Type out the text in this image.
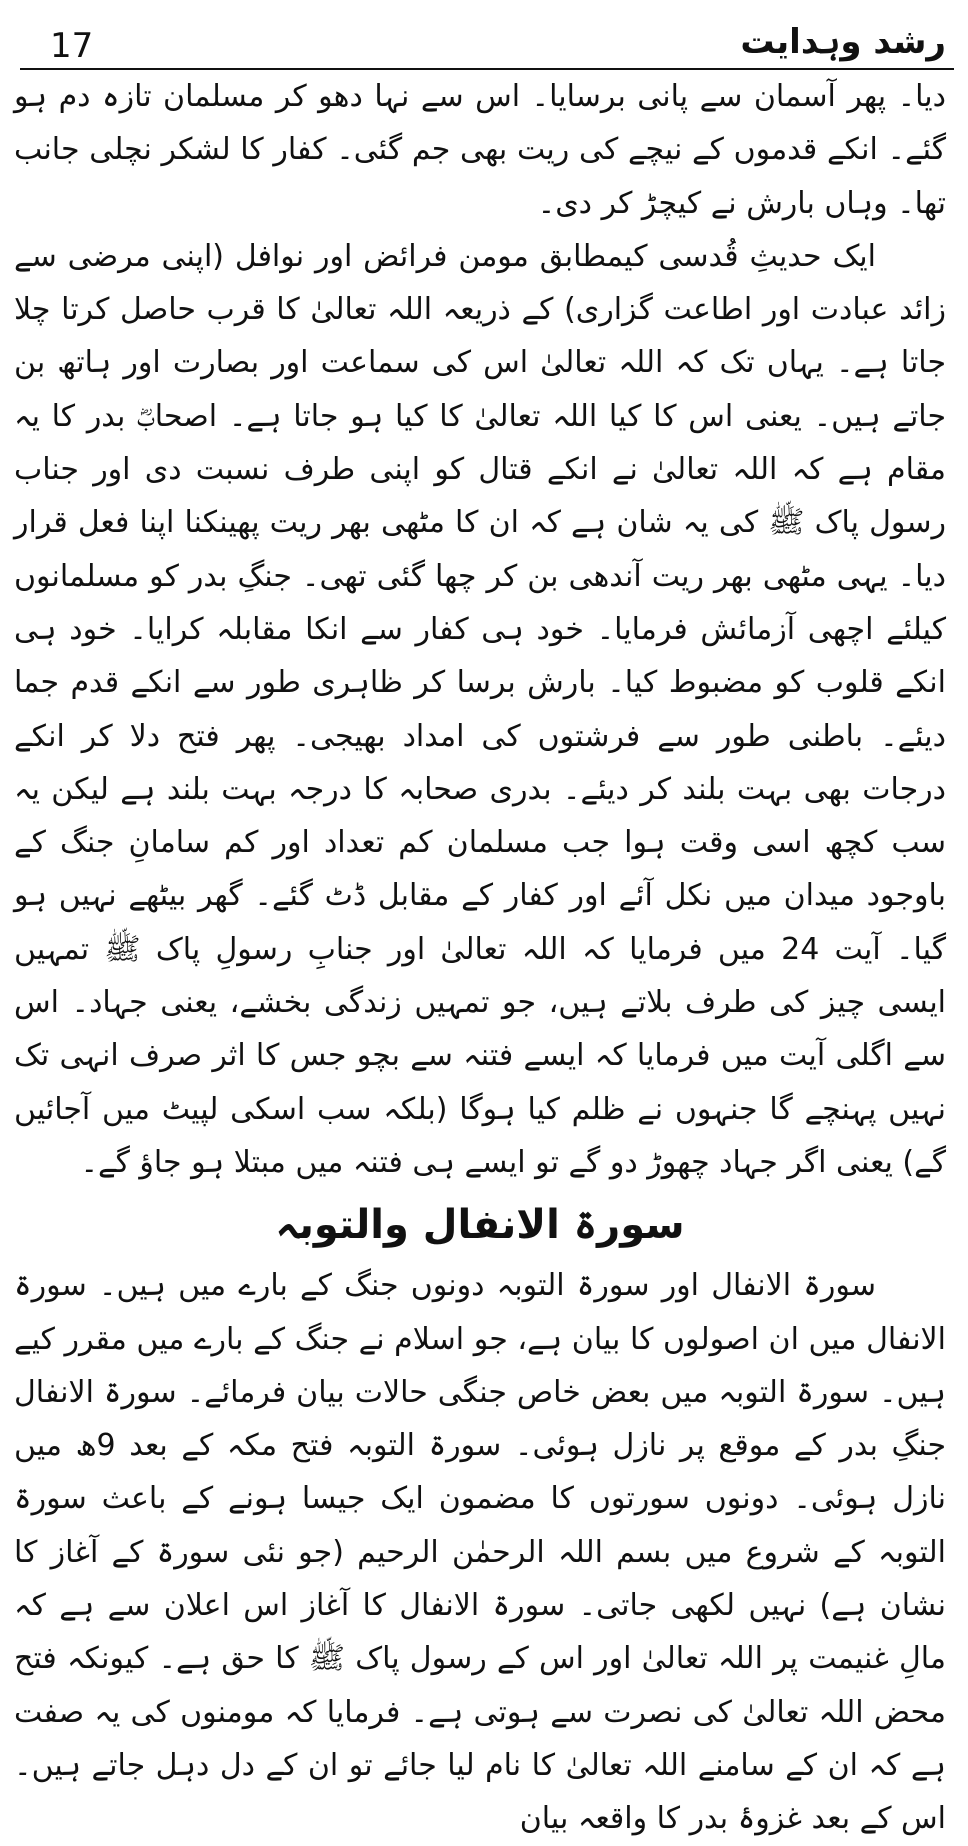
17	رشد وہدایت

دیا۔ پھر آسمان سے پانی برسایا۔ اس سے نہا دھو کر مسلمان تازہ دم ہو گئے۔ انکے قدموں کے نیچے کی ریت بھی جم گئی۔ کفار کا لشکر نچلی جانب تھا۔ وہاں بارش نے کیچڑ کر دی۔

ایک حدیثِ قُدسی کیمطابق مومن فرائض اور نوافل (اپنی مرضی سے زائد عبادت اور اطاعت گزاری) کے ذریعہ اللہ تعالیٰ کا قرب حاصل کرتا چلا جاتا ہے۔ یہاں تک کہ اللہ تعالیٰ اس کی سماعت اور بصارت اور ہاتھ بن جاتے ہیں۔ یعنی اس کا کیا اللہ تعالیٰ کا کیا ہو جاتا ہے۔ اصحابؓ بدر کا یہ مقام ہے کہ اللہ تعالیٰ نے انکے قتال کو اپنی طرف نسبت دی اور جناب رسول پاک ﷺ کی یہ شان ہے کہ ان کا مٹھی بھر ریت پھینکنا اپنا فعل قرار دیا۔ یہی مٹھی بھر ریت آندھی بن کر چھا گئی تھی۔ جنگِ بدر کو مسلمانوں کیلئے اچھی آزمائش فرمایا۔ خود ہی کفار سے انکا مقابلہ کرایا۔ خود ہی انکے قلوب کو مضبوط کیا۔ بارش برسا کر ظاہری طور سے انکے قدم جما دیئے۔ باطنی طور سے فرشتوں کی امداد بھیجی۔ پھر فتح دلا کر انکے درجات بھی بہت بلند کر دیئے۔ بدری صحابہ کا درجہ بہت بلند ہے لیکن یہ سب کچھ اسی وقت ہوا جب مسلمان کم تعداد اور کم سامانِ جنگ کے باوجود میدان میں نکل آئے اور کفار کے مقابل ڈٹ گئے۔ گھر بیٹھے نہیں ہو گیا۔ آیت 24 میں فرمایا کہ اللہ تعالیٰ اور جنابِ رسولِ پاک ﷺ تمہیں ایسی چیز کی طرف بلاتے ہیں، جو تمہیں زندگی بخشے، یعنی جہاد۔ اس سے اگلی آیت میں فرمایا کہ ایسے فتنہ سے بچو جس کا اثر صرف انہی تک نہیں پہنچے گا جنہوں نے ظلم کیا ہوگا (بلکہ سب اسکی لپیٹ میں آجائیں گے) یعنی اگر جہاد چھوڑ دو گے تو ایسے ہی فتنہ میں مبتلا ہو جاؤ گے۔

سورۃ الانفال والتوبہ

سورۃ الانفال اور سورۃ التوبہ دونوں جنگ کے بارے میں ہیں۔ سورۃ الانفال میں ان اصولوں کا بیان ہے، جو اسلام نے جنگ کے بارے میں مقرر کیے ہیں۔ سورۃ التوبہ میں بعض خاص جنگی حالات بیان فرمائے۔ سورۃ الانفال جنگِ بدر کے موقع پر نازل ہوئی۔ سورۃ التوبہ فتح مکہ کے بعد 9ھ میں نازل ہوئی۔ دونوں سورتوں کا مضمون ایک جیسا ہونے کے باعث سورۃ التوبہ کے شروع میں بسم اللہ الرحمٰن الرحیم (جو نئی سورۃ کے آغاز کا نشان ہے) نہیں لکھی جاتی۔ سورۃ الانفال کا آغاز اس اعلان سے ہے کہ مالِ غنیمت پر اللہ تعالیٰ اور اس کے رسول پاک ﷺ کا حق ہے۔ کیونکہ فتح محض اللہ تعالیٰ کی نصرت سے ہوتی ہے۔ فرمایا کہ مومنوں کی یہ صفت ہے کہ ان کے سامنے اللہ تعالیٰ کا نام لیا جائے تو ان کے دل دہل جاتے ہیں۔ اس کے بعد غزوۂ بدر کا واقعہ بیان
